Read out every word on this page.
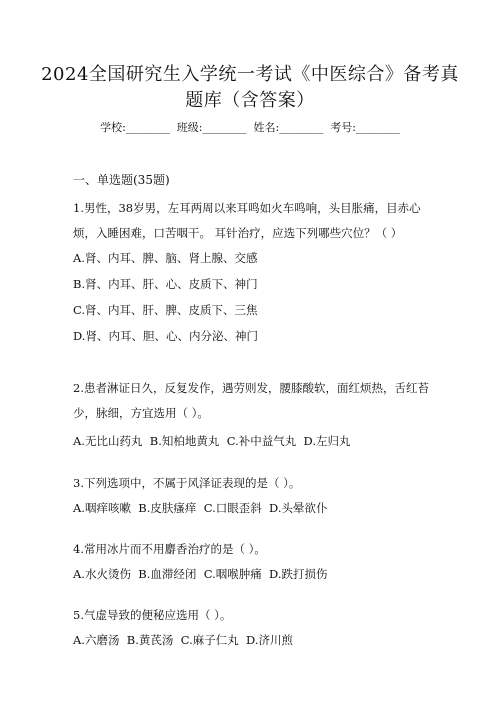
2024全国研究生入学统一考试《中医综合》备考真题库（含答案）
学校:________  班级:________  姓名:________  考号:________
一、单选题(35题)
1.男性，38岁男，左耳两周以来耳鸣如火车鸣响，头目胀痛，目赤心烦，入睡困难，口苦咽干。 耳针治疗，应选下列哪些穴位？（ ）
A.肾、内耳、脾、脑、肾上腺、交感
B.肾、内耳、肝、心、皮质下、神门
C.肾、内耳、肝、脾、皮质下、三焦
D.肾、内耳、胆、心、内分泌、神门
2.患者淋证日久，反复发作，遇劳则发，腰膝酸软，面红烦热，舌红苔少，脉细，方宜选用（ ）。
A.无比山药丸  B.知柏地黄丸  C.补中益气丸  D.左归丸
3.下列选项中，不属于风泽证表现的是（ ）。
A.咽痒咳嗽  B.皮肤瘙痒  C.口眼歪斜  D.头晕欲仆
4.常用冰片而不用麝香治疗的是（ ）。
A.水火烫伤  B.血滞经闭  C.咽喉肿痛  D.跌打损伤
5.气虚导致的便秘应选用（ ）。
A.六磨汤  B.黄芪汤  C.麻子仁丸  D.济川煎
